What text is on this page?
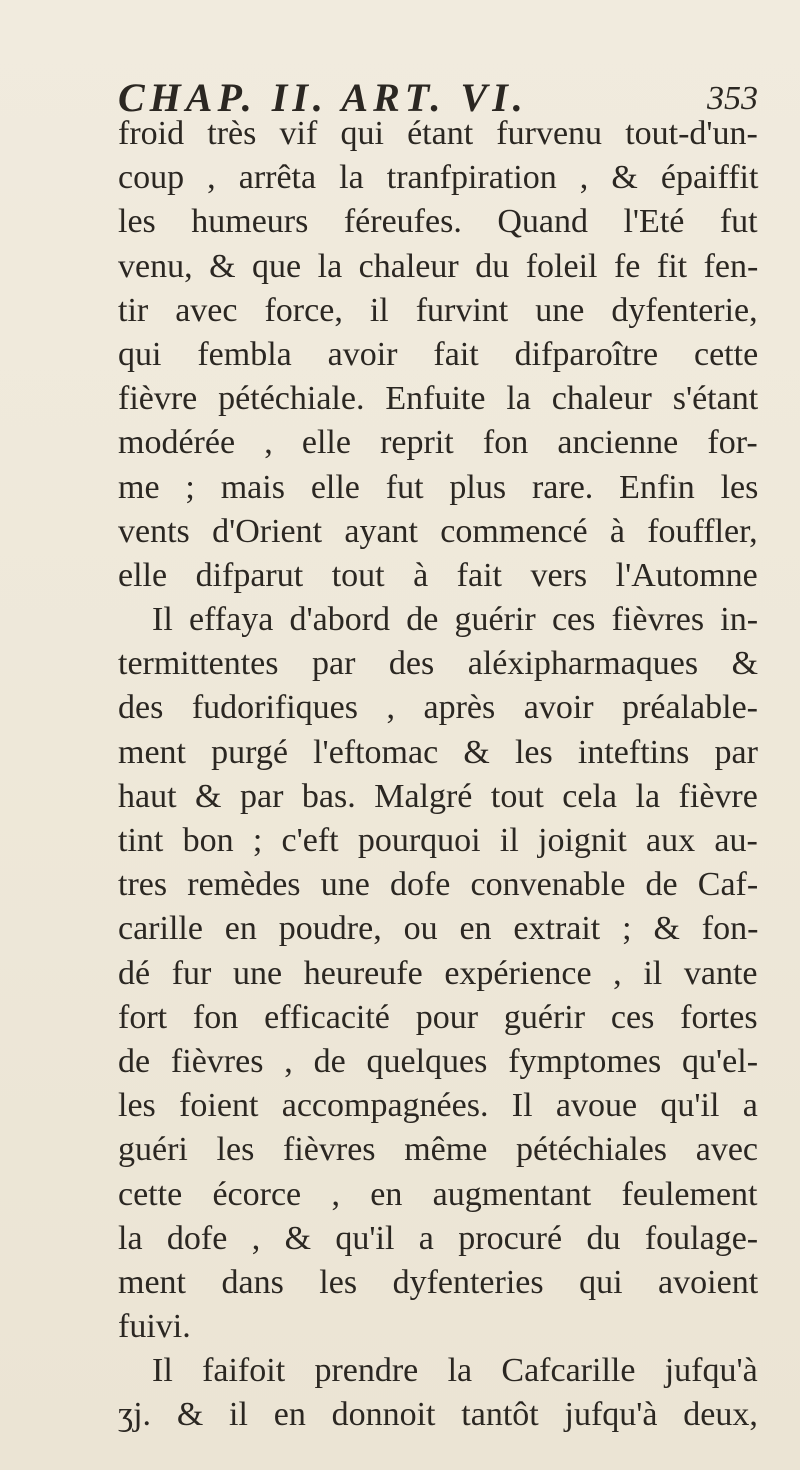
CHAP. II. ART. VI.	353
froid très vif qui étant furvenu tout-d'un-
coup , arrêta la tranfpiration , & épaiffit
les humeurs féreufes. Quand l'Eté fut
venu, & que la chaleur du foleil fe fit fen-
tir avec force, il furvint une dyfenterie,
qui fembla avoir fait difparoître cette
fièvre pétéchiale. Enfuite la chaleur s'étant
modérée , elle reprit fon ancienne for-
me ; mais elle fut plus rare. Enfin les
vents d'Orient ayant commencé à fouffler,
elle difparut tout à fait vers l'Automne
Il effaya d'abord de guérir ces fièvres in-
termittentes par des aléxipharmaques &
des fudorifiques , après avoir préalable-
ment purgé l'eftomac & les inteftins par
haut & par bas. Malgré tout cela la fièvre
tint bon ; c'eft pourquoi il joignit aux au-
tres remèdes une dofe convenable de Caf-
carille en poudre, ou en extrait ; & fon-
dé fur une heureufe expérience , il vante
fort fon efficacité pour guérir ces fortes
de fièvres , de quelques fymptomes qu'el-
les foient accompagnées. Il avoue qu'il a
guéri les fièvres même pétéchiales avec
cette écorce , en augmentant feulement
la dofe , & qu'il a procuré du foulage-
ment dans les dyfenteries qui avoient
fuivi.
Il faifoit prendre la Cafcarille jufqu'à
ʒj. & il en donnoit tantôt jufqu'à deux,
